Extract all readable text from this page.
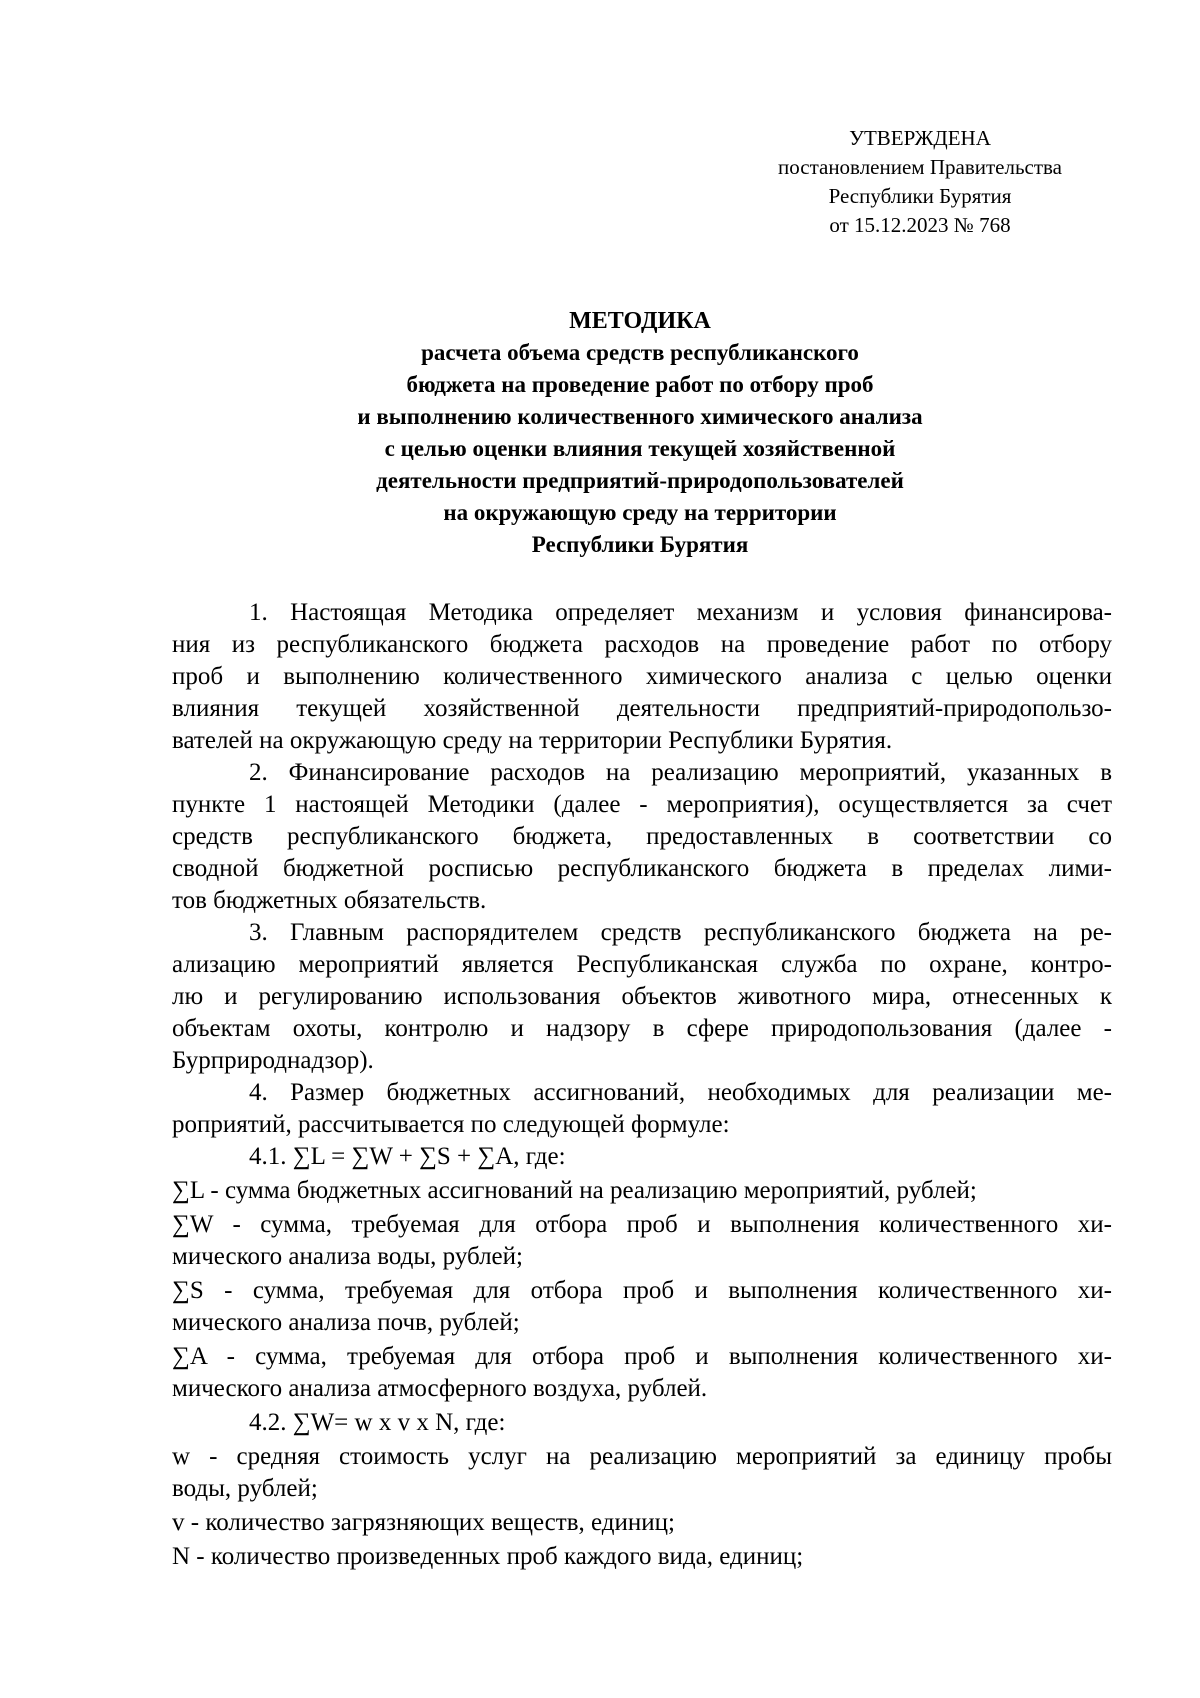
УТВЕРЖДЕНА
постановлением Правительства
Республики Бурятия
от 15.12.2023 № 768
МЕТОДИКА
расчета объема средств республиканского
бюджета на проведение работ по отбору проб
и выполнению количественного химического анализа
с целью оценки влияния текущей хозяйственной
деятельности предприятий-природопользователей
на окружающую среду на территории
Республики Бурятия
1. Настоящая Методика определяет механизм и условия финансирова-
ния из республиканского бюджета расходов на проведение работ по отбору
проб и выполнению количественного химического анализа с целью оценки
влияния текущей хозяйственной деятельности предприятий-природопользо-
вателей на окружающую среду на территории Республики Бурятия.
2. Финансирование расходов на реализацию мероприятий, указанных в
пункте 1 настоящей Методики (далее - мероприятия), осуществляется за счет
средств республиканского бюджета, предоставленных в соответствии со
сводной бюджетной росписью республиканского бюджета в пределах лими-
тов бюджетных обязательств.
3. Главным распорядителем средств республиканского бюджета на ре-
ализацию мероприятий является Республиканская служба по охране, контро-
лю и регулированию использования объектов животного мира, отнесенных к
объектам охоты, контролю и надзору в сфере природопользования (далее -
Бурприроднадзор).
4. Размер бюджетных ассигнований, необходимых для реализации ме-
роприятий, рассчитывается по следующей формуле:
4.1. ∑L = ∑W + ∑S + ∑A, где:
∑L - сумма бюджетных ассигнований на реализацию мероприятий, рублей;
∑W - сумма, требуемая для отбора проб и выполнения количественного хи-
мического анализа воды, рублей;
∑S - сумма, требуемая для отбора проб и выполнения количественного хи-
мического анализа почв, рублей;
∑A - сумма, требуемая для отбора проб и выполнения количественного хи-
мического анализа атмосферного воздуха, рублей.
4.2. ∑W= w x v x N, где:
w - средняя стоимость услуг на реализацию мероприятий за единицу пробы
воды, рублей;
v - количество загрязняющих веществ, единиц;
N - количество произведенных проб каждого вида, единиц;
